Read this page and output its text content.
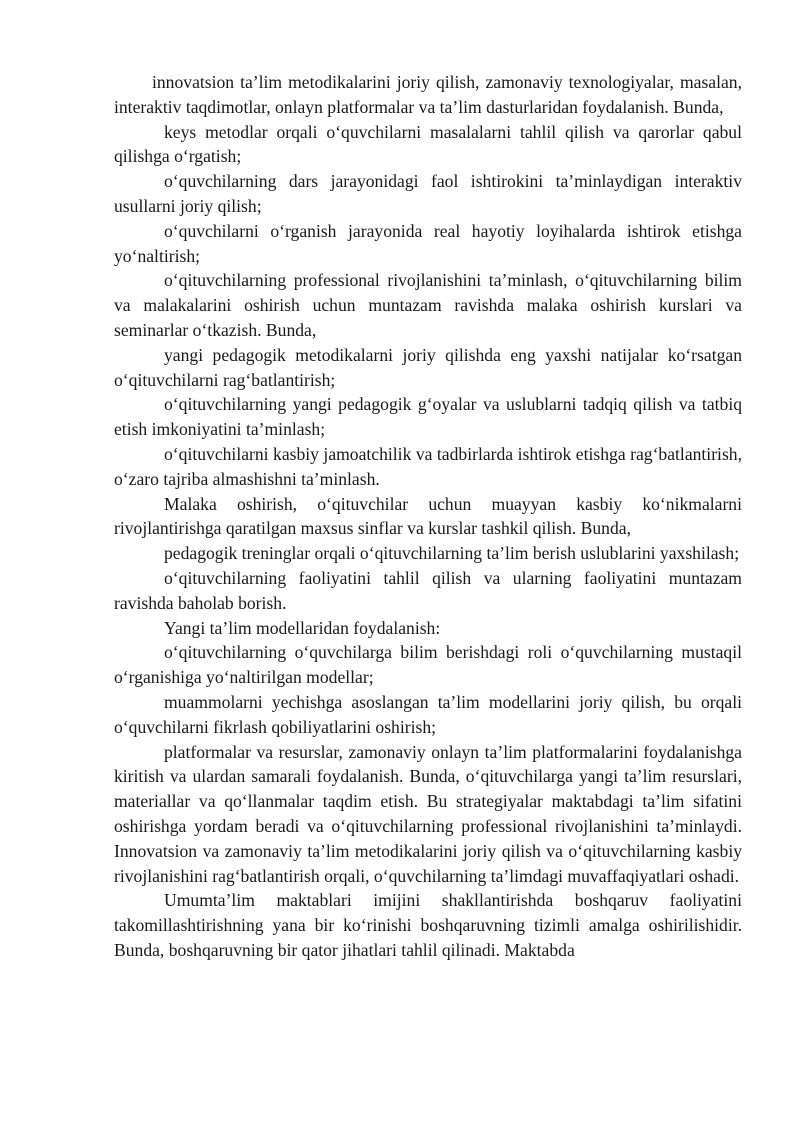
innovatsion ta’lim metodikalarini joriy qilish, zamonaviy texnologiyalar, masalan, interaktiv taqdimotlar, onlayn platformalar va ta’lim dasturlaridan foydalanish. Bunda,

keys metodlar orqali o‘quvchilarni masalalarni tahlil qilish va qarorlar qabul qilishga o‘rgatish;

o‘quvchilarning dars jarayonidagi faol ishtirokini ta’minlaydigan interaktiv usullarni joriy qilish;

o‘quvchilarni o‘rganish jarayonida real hayotiy loyihalarda ishtirok etishga yo‘naltirish;

o‘qituvchilarning professional rivojlanishini ta’minlash, o‘qituvchilarning bilim va malakalarini oshirish uchun muntazam ravishda malaka oshirish kurslari va seminarlar o‘tkazish. Bunda,

yangi pedagogik metodikalarni joriy qilishda eng yaxshi natijalar ko‘rsatgan o‘qituvchilarni rag‘batlantirish;

o‘qituvchilarning yangi pedagogik g‘oyalar va uslublarni tadqiq qilish va tatbiq etish imkoniyatini ta’minlash;

o‘qituvchilarni kasbiy jamoatchilik va tadbirlarda ishtirok etishga rag‘batlantirish, o‘zaro tajriba almashishni ta’minlash.

Malaka oshirish, o‘qituvchilar uchun muayyan kasbiy ko‘nikmalarni rivojlantirishga qaratilgan maxsus sinflar va kurslar tashkil qilish. Bunda,

pedagogik treninglar orqali o‘qituvchilarning ta’lim berish uslublarini yaxshilash;

o‘qituvchilarning faoliyatini tahlil qilish va ularning faoliyatini muntazam ravishda baholab borish.

Yangi ta’lim modellaridan foydalanish:

o‘qituvchilarning o‘quvchilarga bilim berishdagi roli o‘quvchilarning mustaqil o‘rganishiga yo‘naltirilgan modellar;

muammolarni yechishga asoslangan ta’lim modellarini joriy qilish, bu orqali o‘quvchilarni fikrlash qobiliyatlarini oshirish;

platformalar va resurslar, zamonaviy onlayn ta’lim platformalarini foydalanishga kiritish va ulardan samarali foydalanish. Bunda, o‘qituvchilarga yangi ta’lim resurslari, materiallar va qo‘llanmalar taqdim etish. Bu strategiyalar maktabdagi ta’lim sifatini oshirishga yordam beradi va o‘qituvchilarning professional rivojlanishini ta’minlaydi. Innovatsion va zamonaviy ta’lim metodikalarini joriy qilish va o‘qituvchilarning kasbiy rivojlanishini rag‘batlantirish orqali, o‘quvchilarning ta’limdagi muvaffaqiyatlari oshadi.

Umumta’lim maktablari imijini shakllantirishda boshqaruv faoliyatini takomillashtirishning yana bir ko‘rinishi boshqaruvning tizimli amalga oshirilishidir. Bunda, boshqaruvning bir qator jihatlari tahlil qilinadi. Maktabda
